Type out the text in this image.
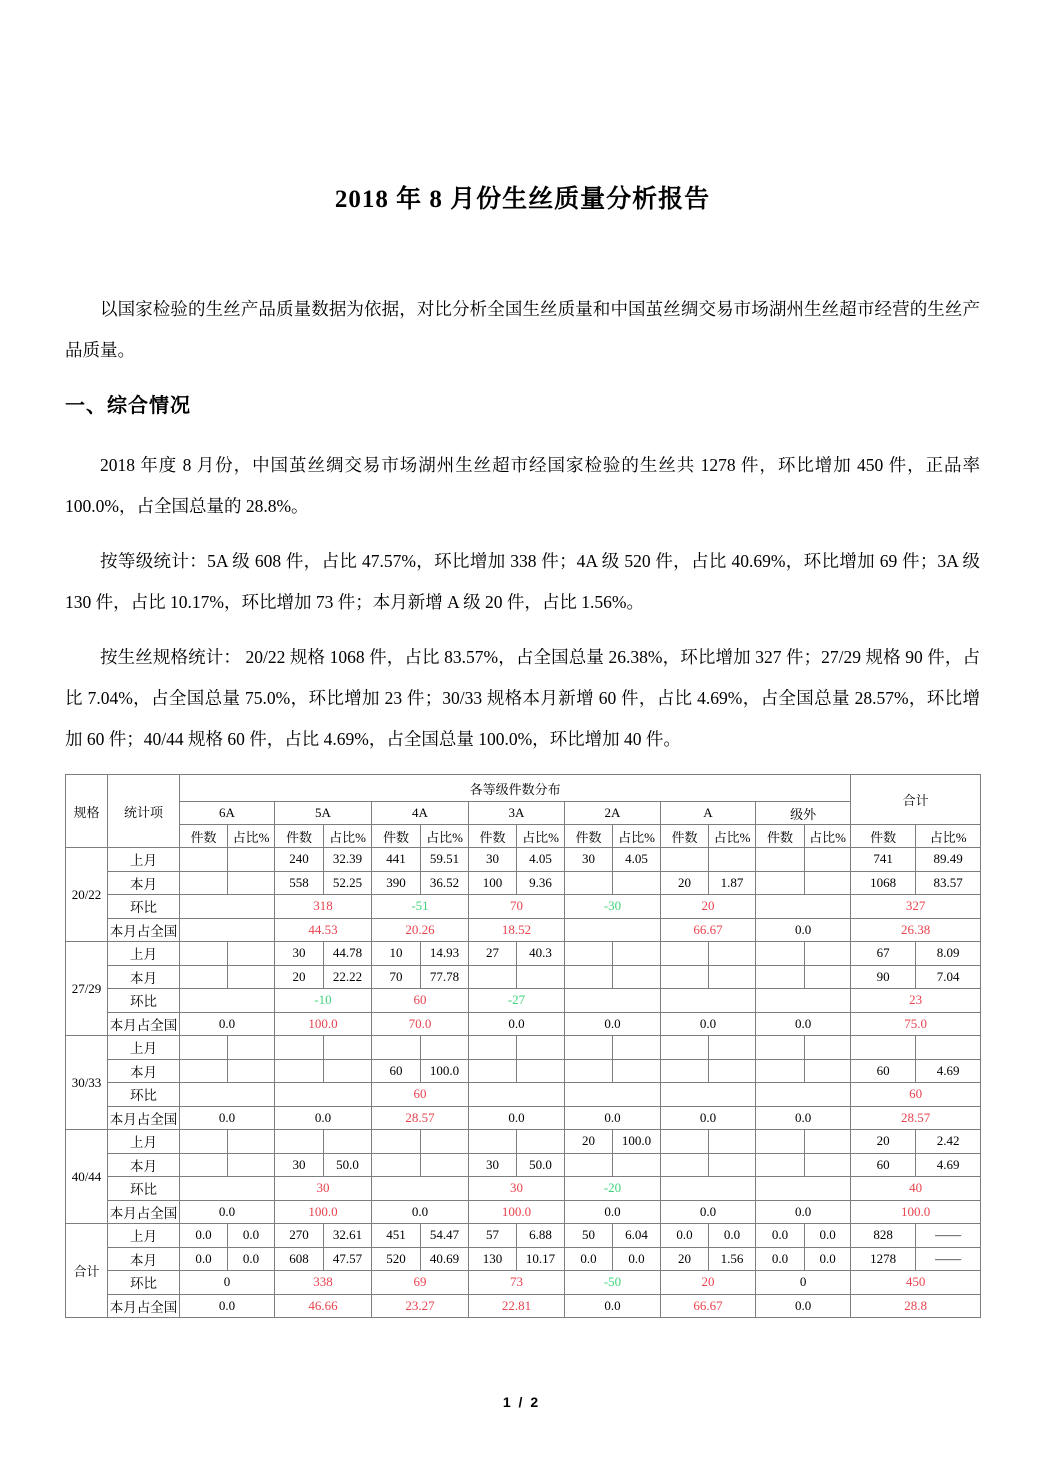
2018 年 8 月份生丝质量分析报告

以国家检验的生丝产品质量数据为依据，对比分析全国生丝质量和中国茧丝绸交易市场湖州生丝超市经营的生丝产品质量。

一、综合情况

2018 年度 8 月份，中国茧丝绸交易市场湖州生丝超市经国家检验的生丝共 1278 件，环比增加 450 件，正品率 100.0%，占全国总量的 28.8%。

按等级统计：5A 级 608 件，占比 47.57%，环比增加 338 件；4A 级 520 件，占比 40.69%，环比增加 69 件；3A 级 130 件，占比 10.17%，环比增加 73 件；本月新增 A 级 20 件，占比 1.56%。

按生丝规格统计： 20/22 规格 1068 件，占比 83.57%，占全国总量 26.38%，环比增加 327 件；27/29 规格 90 件，占比 7.04%，占全国总量 75.0%，环比增加 23 件；30/33 规格本月新增 60 件，占比 4.69%，占全国总量 28.57%，环比增加 60 件；40/44 规格 60 件，占比 4.69%，占全国总量 100.0%，环比增加 40 件。

规格	统计项	各等级件数分布														合计	
		6A		5A		4A		3A		2A		A		级外			
		件数	占比%	件数	占比%	件数	占比%	件数	占比%	件数	占比%	件数	占比%	件数	占比%	件数	占比%
20/22	上月			240	32.39	441	59.51	30	4.05	30	4.05					741	89.49
	本月			558	52.25	390	36.52	100	9.36			20	1.87			1068	83.57
	环比			318		-51		70		-30		20				327	
	本月占全国			44.53		20.26		18.52				66.67		0.0		26.38	
27/29	上月			30	44.78	10	14.93	27	40.3							67	8.09
	本月			20	22.22	70	77.78									90	7.04
	环比			-10		60		-27								23	
	本月占全国	0.0		100.0		70.0		0.0		0.0		0.0		0.0		75.0	
30/33	上月																
	本月					60	100.0									60	4.69
	环比					60										60	
	本月占全国	0.0		0.0		28.57		0.0		0.0		0.0		0.0		28.57	
40/44	上月									20	100.0					20	2.42
	本月			30	50.0			30	50.0							60	4.69
	环比			30				30		-20						40	
	本月占全国	0.0		100.0		0.0		100.0		0.0		0.0		0.0		100.0	
合计	上月	0.0	0.0	270	32.61	451	54.47	57	6.88	50	6.04	0.0	0.0	0.0	0.0	828	——
	本月	0.0	0.0	608	47.57	520	40.69	130	10.17	0.0	0.0	20	1.56	0.0	0.0	1278	——
	环比	0		338		69		73		-50		20		0		450	
	本月占全国	0.0		46.66		23.27		22.81		0.0		66.67		0.0		28.8	
1 / 2
